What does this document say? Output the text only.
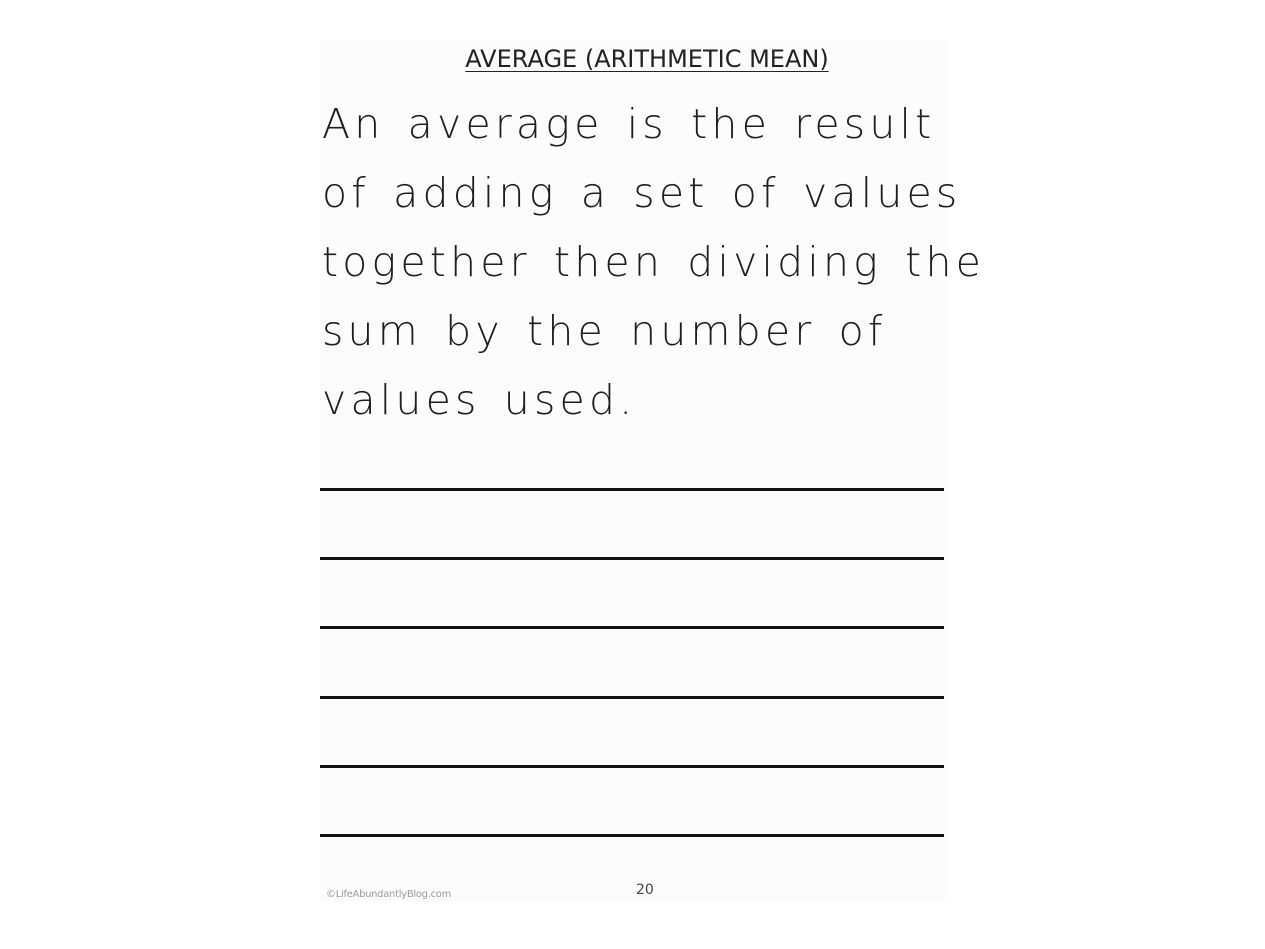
AVERAGE (ARITHMETIC MEAN)

An average is the result
of adding a set of values
together then dividing the
sum by the number of
values used.

©LifeAbundantlyBlog.com	20
